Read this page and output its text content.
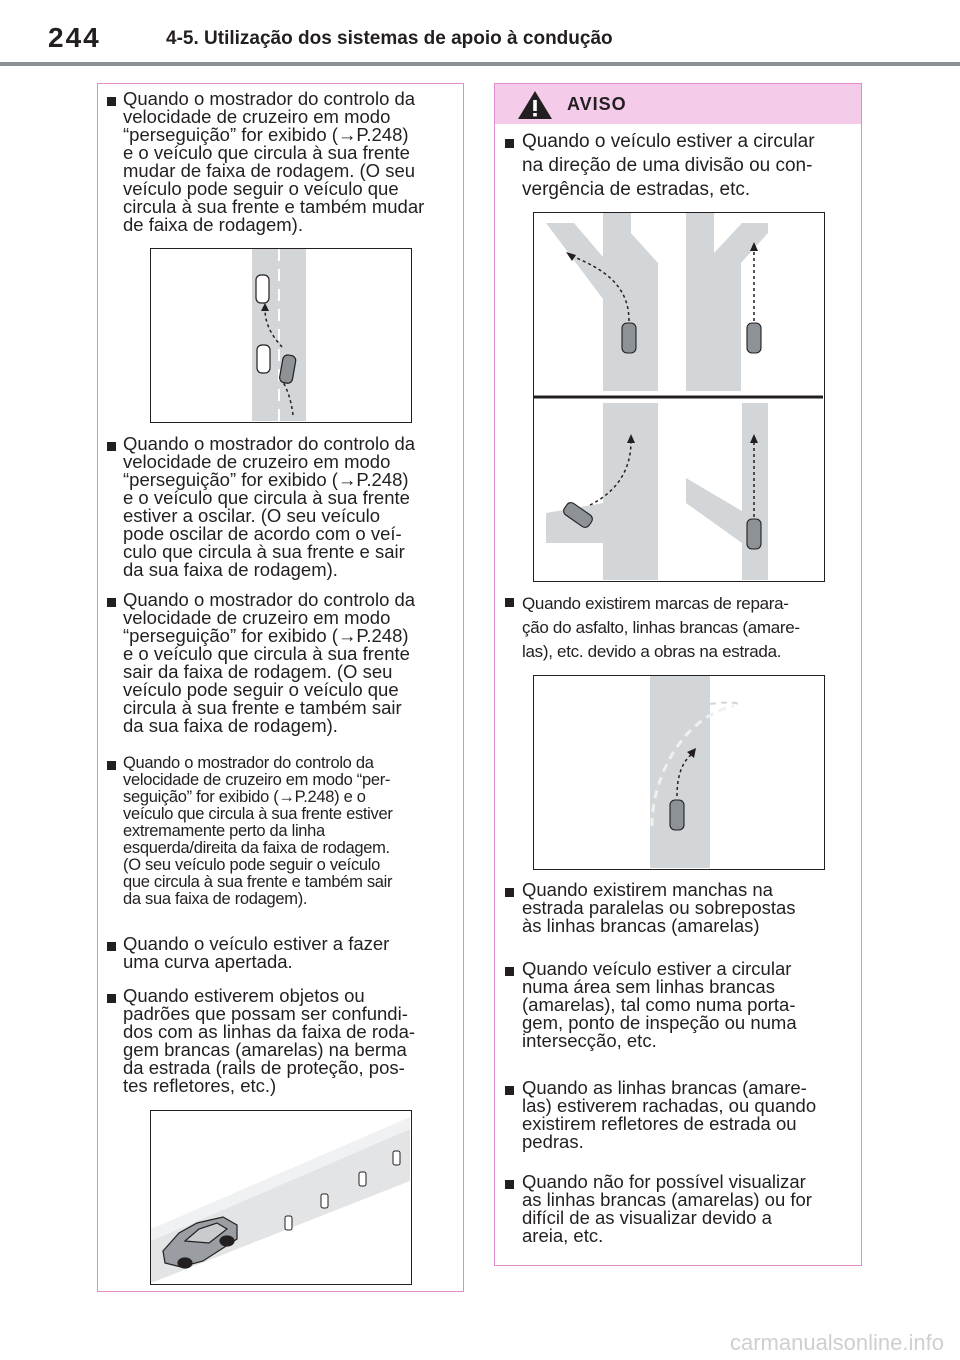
244	4-5. Utilização dos sistemas de apoio à condução

Quando o mostrador do controlo da
velocidade de cruzeiro em modo
“perseguição” for exibido (→P.248)
e o veículo que circula à sua frente
mudar de faixa de rodagem. (O seu
veículo pode seguir o veículo que
circula à sua frente e também mudar
de faixa de rodagem).

Quando o mostrador do controlo da
velocidade de cruzeiro em modo
“perseguição” for exibido (→P.248)
e o veículo que circula à sua frente
estiver a oscilar. (O seu veículo
pode oscilar de acordo com o veí-
culo que circula à sua frente e sair
da sua faixa de rodagem).

Quando o mostrador do controlo da
velocidade de cruzeiro em modo
“perseguição” for exibido (→P.248)
e o veículo que circula à sua frente
sair da faixa de rodagem. (O seu
veículo pode seguir o veículo que
circula à sua frente e também sair
da sua faixa de rodagem).

Quando o mostrador do controlo da
velocidade de cruzeiro em modo “per-
seguição” for exibido (→P.248) e o
veículo que circula à sua frente estiver
extremamente perto da linha
esquerda/direita da faixa de rodagem.
(O seu veículo pode seguir o veículo
que circula à sua frente e também sair
da sua faixa de rodagem).

Quando o veículo estiver a fazer
uma curva apertada.

Quando estiverem objetos ou
padrões que possam ser confundi-
dos com as linhas da faixa de roda-
gem brancas (amarelas) na berma
da estrada (rails de proteção, pos-
tes refletores, etc.)

AVISO

Quando o veículo estiver a circular
na direção de uma divisão ou con-
vergência de estradas, etc.

Quando existirem marcas de repara-
ção do asfalto, linhas brancas (amare-
las), etc. devido a obras na estrada.

Quando existirem manchas na
estrada paralelas ou sobrepostas
às linhas brancas (amarelas)

Quando veículo estiver a circular
numa área sem linhas brancas
(amarelas), tal como numa porta-
gem, ponto de inspeção ou numa
intersecção, etc.

Quando as linhas brancas (amare-
las) estiverem rachadas, ou quando
existirem refletores de estrada ou
pedras.

Quando não for possível visualizar
as linhas brancas (amarelas) ou for
difícil de as visualizar devido a
areia, etc.

carmanualsonline.info
